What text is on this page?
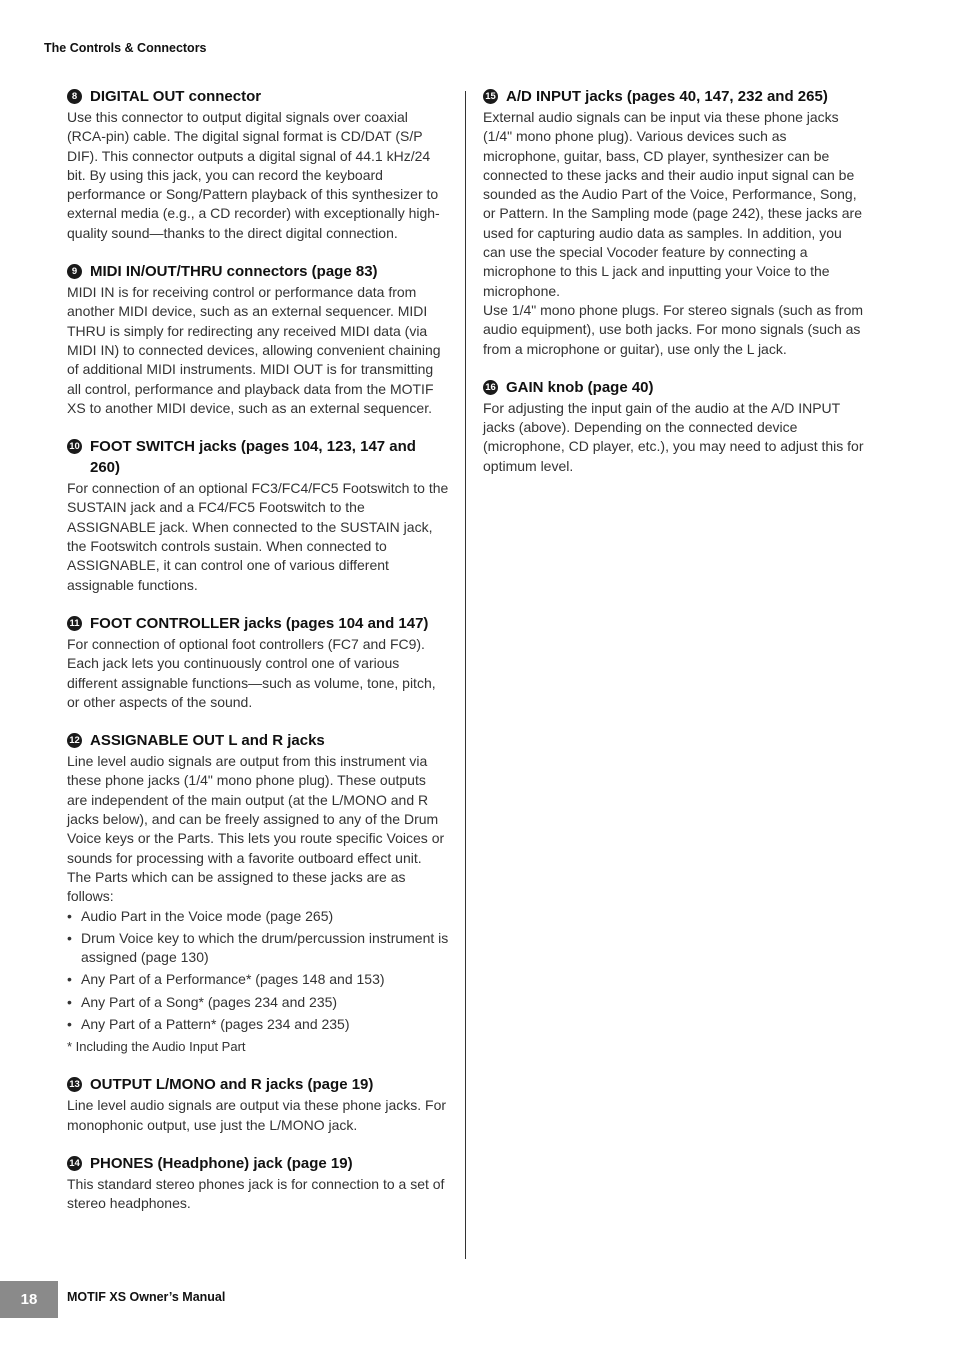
The Controls & Connectors
8 DIGITAL OUT connector

Use this connector to output digital signals over coaxial (RCA-pin) cable. The digital signal format is CD/DAT (S/P DIF). This connector outputs a digital signal of 44.1 kHz/24 bit. By using this jack, you can record the keyboard performance or Song/Pattern playback of this synthesizer to external media (e.g., a CD recorder) with exceptionally high-quality sound—thanks to the direct digital connection.

9 MIDI IN/OUT/THRU connectors (page 83)

MIDI IN is for receiving control or performance data from another MIDI device, such as an external sequencer. MIDI THRU is simply for redirecting any received MIDI data (via MIDI IN) to connected devices, allowing convenient chaining of additional MIDI instruments. MIDI OUT is for transmitting all control, performance and playback data from the MOTIF XS to another MIDI device, such as an external sequencer.

10 FOOT SWITCH jacks (pages 104, 123, 147 and 260)

For connection of an optional FC3/FC4/FC5 Footswitch to the SUSTAIN jack and a FC4/FC5 Footswitch to the ASSIGNABLE jack. When connected to the SUSTAIN jack, the Footswitch controls sustain. When connected to ASSIGNABLE, it can control one of various different assignable functions.

11 FOOT CONTROLLER jacks (pages 104 and 147)

For connection of optional foot controllers (FC7 and FC9). Each jack lets you continuously control one of various different assignable functions—such as volume, tone, pitch, or other aspects of the sound.

12 ASSIGNABLE OUT L and R jacks

Line level audio signals are output from this instrument via these phone jacks (1/4" mono phone plug). These outputs are independent of the main output (at the L/MONO and R jacks below), and can be freely assigned to any of the Drum Voice keys or the Parts. This lets you route specific Voices or sounds for processing with a favorite outboard effect unit. The Parts which can be assigned to these jacks are as follows:

• Audio Part in the Voice mode (page 265)
• Drum Voice key to which the drum/percussion instrument is assigned (page 130)
• Any Part of a Performance* (pages 148 and 153)
• Any Part of a Song* (pages 234 and 235)
• Any Part of a Pattern* (pages 234 and 235)
* Including the Audio Input Part
13 OUTPUT L/MONO and R jacks (page 19)

Line level audio signals are output via these phone jacks. For monophonic output, use just the L/MONO jack.

14 PHONES (Headphone) jack (page 19)

This standard stereo phones jack is for connection to a set of stereo headphones.

15 A/D INPUT jacks (pages 40, 147, 232 and 265)

External audio signals can be input via these phone jacks (1/4" mono phone plug). Various devices such as microphone, guitar, bass, CD player, synthesizer can be connected to these jacks and their audio input signal can be sounded as the Audio Part of the Voice, Performance, Song, or Pattern. In the Sampling mode (page 242), these jacks are used for capturing audio data as samples. In addition, you can use the special Vocoder feature by connecting a microphone to this L jack and inputting your Voice to the microphone.

Use 1/4" mono phone plugs. For stereo signals (such as from audio equipment), use both jacks. For mono signals (such as from a microphone or guitar), use only the L jack.

16 GAIN knob (page 40)

For adjusting the input gain of the audio at the A/D INPUT jacks (above). Depending on the connected device (microphone, CD player, etc.), you may need to adjust this for optimum level.

18	MOTIF XS Owner’s Manual
